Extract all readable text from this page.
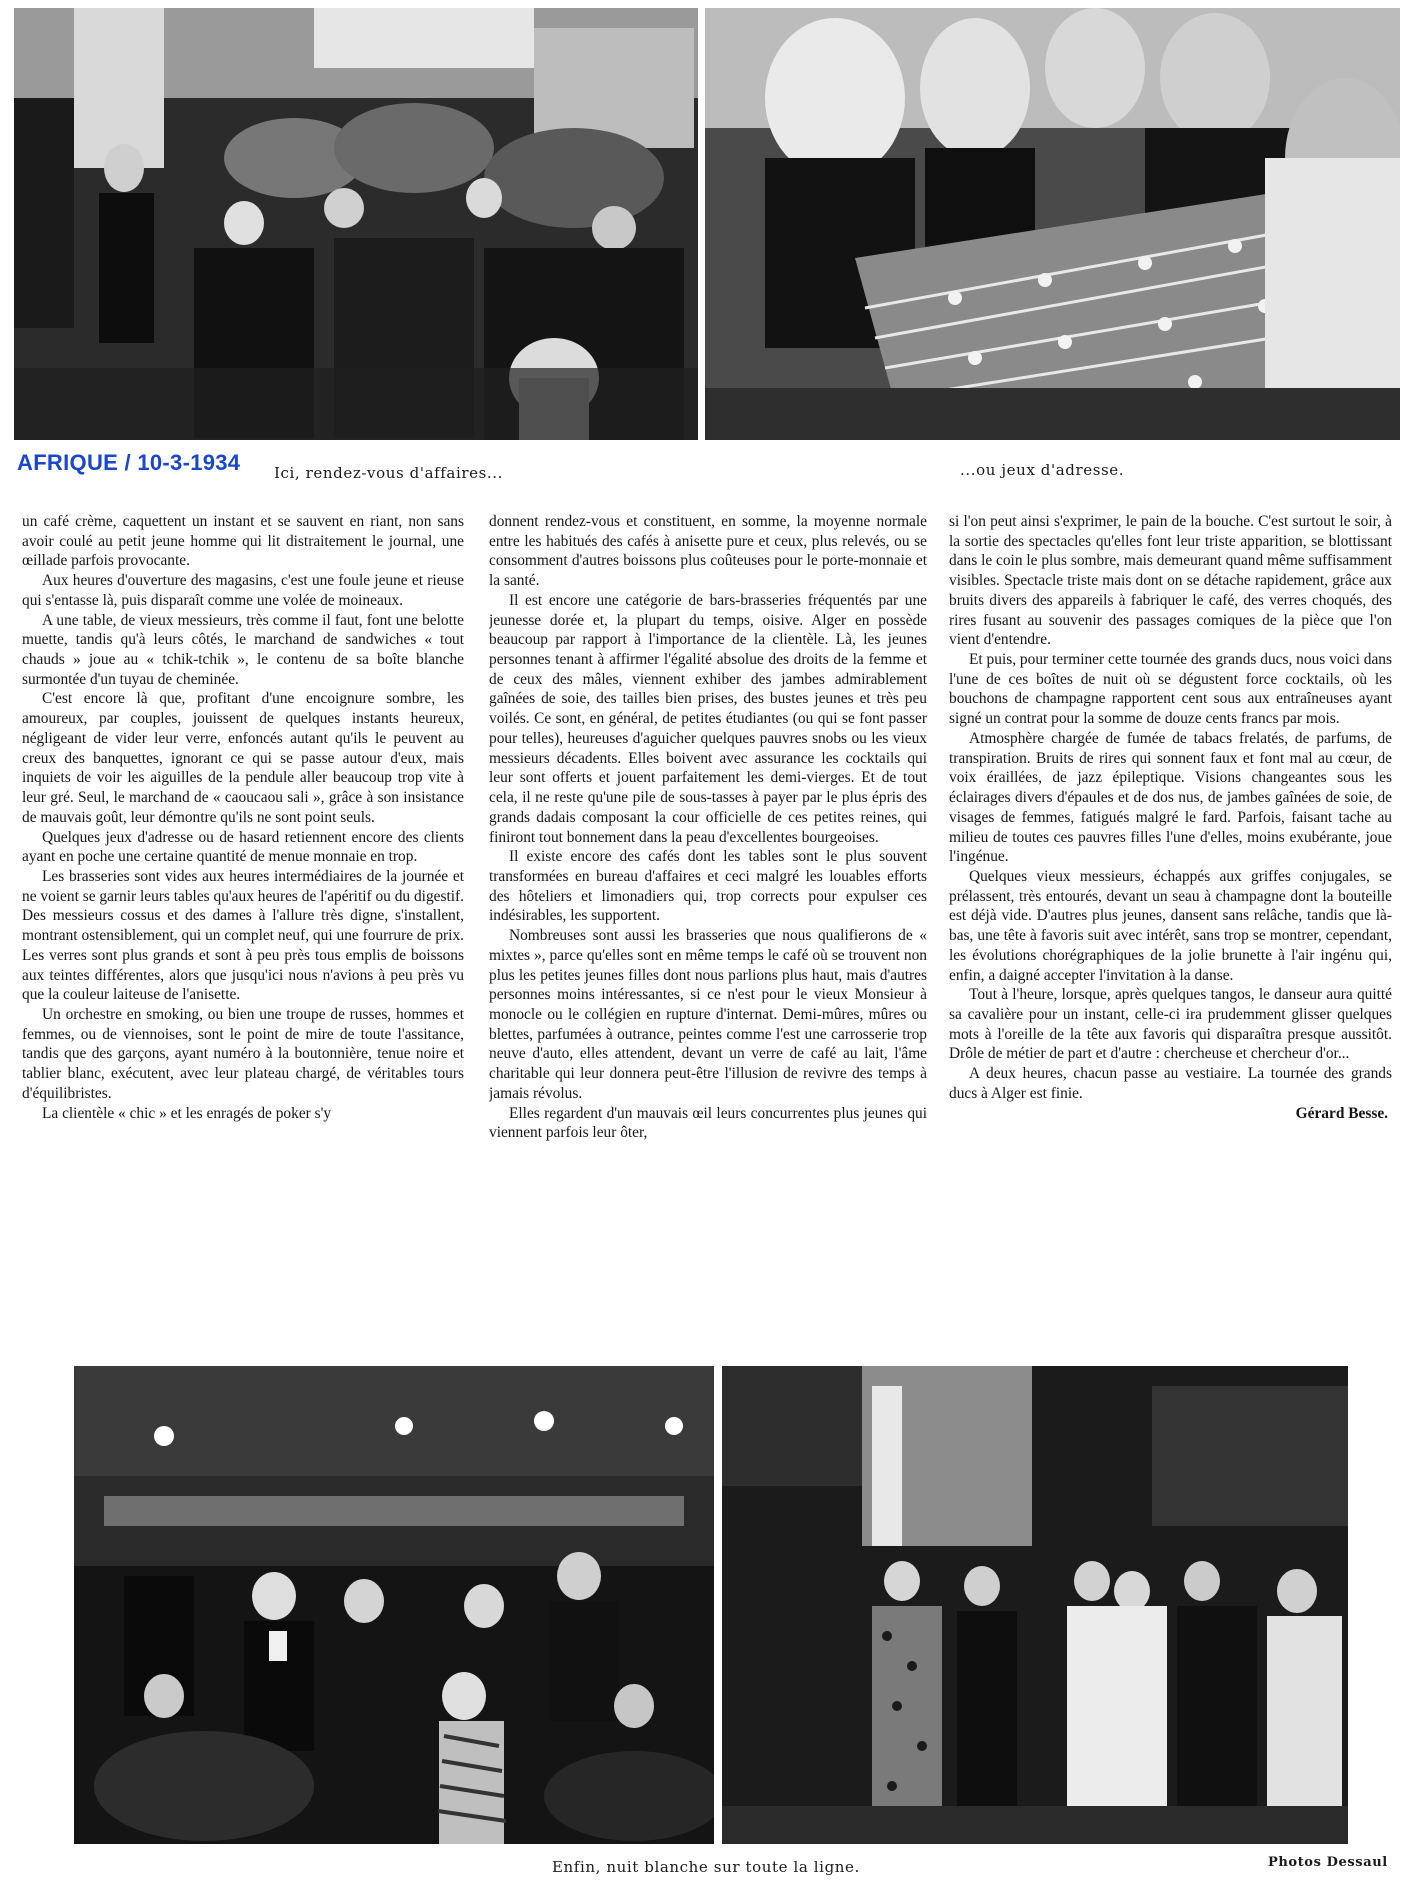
AFRIQUE / 10-3-1934 Ici, rendez-vous d'affaires...	...ou jeux d'adresse.

un café crème, caquettent un instant et se sauvent en riant, non sans avoir coulé au petit jeune homme qui lit distraitement le journal, une œillade parfois provocante.

Aux heures d'ouverture des magasins, c'est une foule jeune et rieuse qui s'entasse là, puis disparaît comme une volée de moineaux.

A une table, de vieux messieurs, très comme il faut, font une belotte muette, tandis qu'à leurs côtés, le marchand de sandwiches « tout chauds » joue au « tchik-tchik », le contenu de sa boîte blanche surmontée d'un tuyau de cheminée.

C'est encore là que, profitant d'une encoignure sombre, les amoureux, par couples, jouissent de quelques instants heureux, négligeant de vider leur verre, enfoncés autant qu'ils le peuvent au creux des banquettes, ignorant ce qui se passe autour d'eux, mais inquiets de voir les aiguilles de la pendule aller beaucoup trop vite à leur gré. Seul, le marchand de « caoucaou sali », grâce à son insistance de mauvais goût, leur démontre qu'ils ne sont point seuls.

Quelques jeux d'adresse ou de hasard retiennent encore des clients ayant en poche une certaine quantité de menue monnaie en trop.

Les brasseries sont vides aux heures intermédiaires de la journée et ne voient se garnir leurs tables qu'aux heures de l'apéritif ou du digestif. Des messieurs cossus et des dames à l'allure très digne, s'installent, montrant ostensiblement, qui un complet neuf, qui une fourrure de prix. Les verres sont plus grands et sont à peu près tous emplis de boissons aux teintes différentes, alors que jusqu'ici nous n'avions à peu près vu que la couleur laiteuse de l'anisette.

Un orchestre en smoking, ou bien une troupe de russes, hommes et femmes, ou de viennoises, sont le point de mire de toute l'assitance, tandis que des garçons, ayant numéro à la boutonnière, tenue noire et tablier blanc, exécutent, avec leur plateau chargé, de véritables tours d'équilibristes.

La clientèle « chic » et les enragés de poker s'y

donnent rendez-vous et constituent, en somme, la moyenne normale entre les habitués des cafés à anisette pure et ceux, plus relevés, ou se consomment d'autres boissons plus coûteuses pour le porte-monnaie et la santé.

Il est encore une catégorie de bars-brasseries fréquentés par une jeunesse dorée et, la plupart du temps, oisive. Alger en possède beaucoup par rapport à l'importance de la clientèle. Là, les jeunes personnes tenant à affirmer l'égalité absolue des droits de la femme et de ceux des mâles, viennent exhiber des jambes admirablement gaînées de soie, des tailles bien prises, des bustes jeunes et très peu voilés. Ce sont, en général, de petites étudiantes (ou qui se font passer pour telles), heureuses d'aguicher quelques pauvres snobs ou les vieux messieurs décadents. Elles boivent avec assurance les cocktails qui leur sont offerts et jouent parfaitement les demi-vierges. Et de tout cela, il ne reste qu'une pile de sous-tasses à payer par le plus épris des grands dadais composant la cour officielle de ces petites reines, qui finiront tout bonnement dans la peau d'excellentes bourgeoises.

Il existe encore des cafés dont les tables sont le plus souvent transformées en bureau d'affaires et ceci malgré les louables efforts des hôteliers et limonadiers qui, trop corrects pour expulser ces indésirables, les supportent.

Nombreuses sont aussi les brasseries que nous qualifierons de « mixtes », parce qu'elles sont en même temps le café où se trouvent non plus les petites jeunes filles dont nous parlions plus haut, mais d'autres personnes moins intéressantes, si ce n'est pour le vieux Monsieur à monocle ou le collégien en rupture d'internat. Demi-mûres, mûres ou blettes, parfumées à outrance, peintes comme l'est une carrosserie trop neuve d'auto, elles attendent, devant un verre de café au lait, l'âme charitable qui leur donnera peut-être l'illusion de revivre des temps à jamais révolus.

Elles regardent d'un mauvais œil leurs concurrentes plus jeunes qui viennent parfois leur ôter,

si l'on peut ainsi s'exprimer, le pain de la bouche. C'est surtout le soir, à la sortie des spectacles qu'elles font leur triste apparition, se blottissant dans le coin le plus sombre, mais demeurant quand même suffisamment visibles. Spectacle triste mais dont on se détache rapidement, grâce aux bruits divers des appareils à fabriquer le café, des verres choqués, des rires fusant au souvenir des passages comiques de la pièce que l'on vient d'entendre.

Et puis, pour terminer cette tournée des grands ducs, nous voici dans l'une de ces boîtes de nuit où se dégustent force cocktails, où les bouchons de champagne rapportent cent sous aux entraîneuses ayant signé un contrat pour la somme de douze cents francs par mois.

Atmosphère chargée de fumée de tabacs frelatés, de parfums, de transpiration. Bruits de rires qui sonnent faux et font mal au cœur, de voix éraillées, de jazz épileptique. Visions changeantes sous les éclairages divers d'épaules et de dos nus, de jambes gaînées de soie, de visages de femmes, fatigués malgré le fard. Parfois, faisant tache au milieu de toutes ces pauvres filles l'une d'elles, moins exubérante, joue l'ingénue.

Quelques vieux messieurs, échappés aux griffes conjugales, se prélassent, très entourés, devant un seau à champagne dont la bouteille est déjà vide. D'autres plus jeunes, dansent sans relâche, tandis que là-bas, une tête à favoris suit avec intérêt, sans trop se montrer, cependant, les évolutions chorégraphiques de la jolie brunette à l'air ingénu qui, enfin, a daigné accepter l'invitation à la danse.

Tout à l'heure, lorsque, après quelques tangos, le danseur aura quitté sa cavalière pour un instant, celle-ci ira prudemment glisser quelques mots à l'oreille de la tête aux favoris qui disparaîtra presque aussitôt. Drôle de métier de part et d'autre : chercheuse et chercheur d'or...

A deux heures, chacun passe au vestiaire. La tournée des grands ducs à Alger est finie.

Gérard Besse.

Enfin, nuit blanche sur toute la ligne.	Photos Dessaul
